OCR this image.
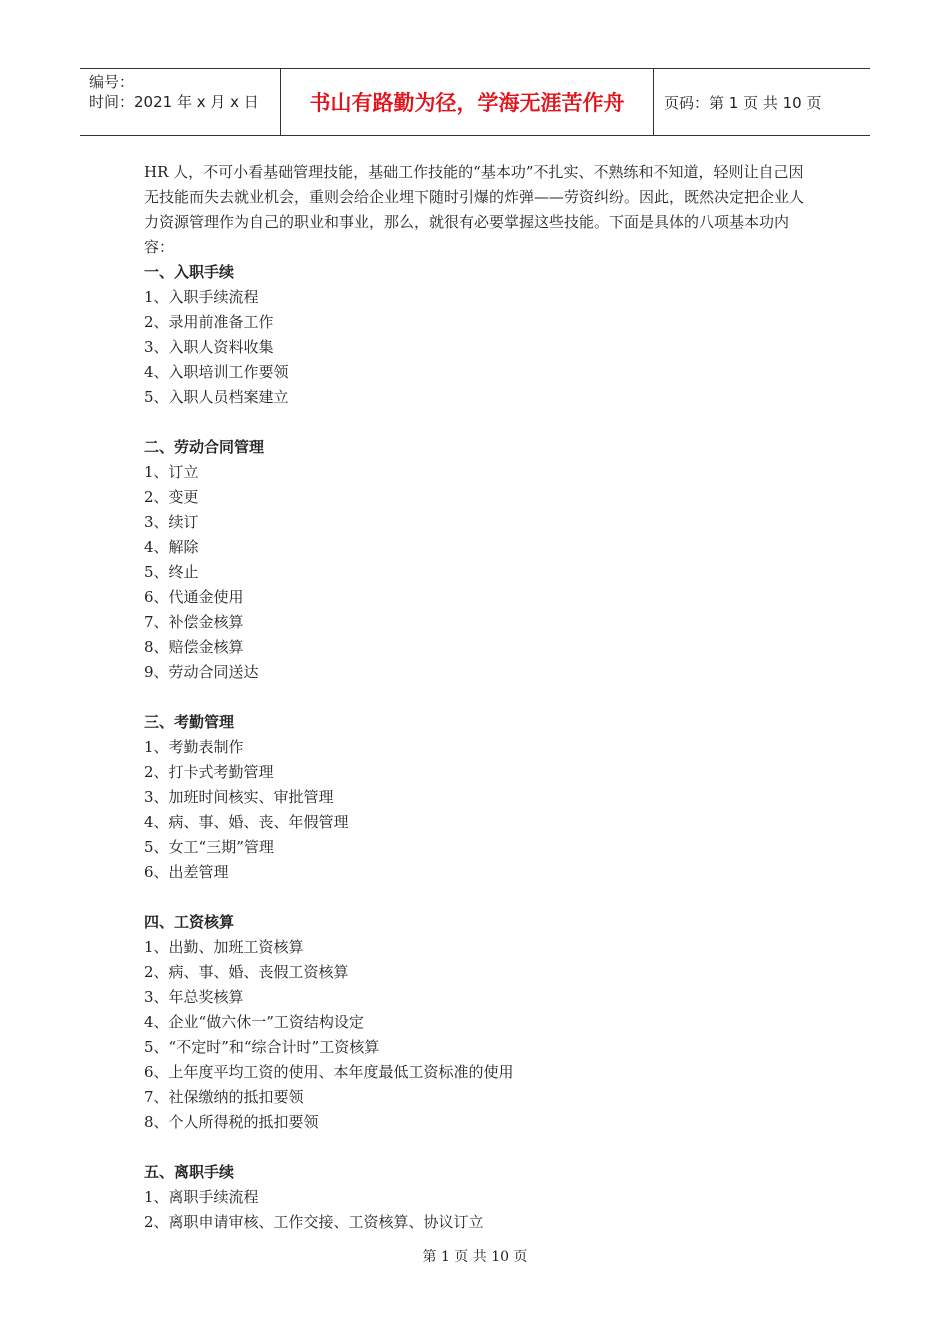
编号：
时间：2021 年 x 月 x 日	书山有路勤为径，学海无涯苦作舟	页码：第 1 页 共 10 页

HR 人，不可小看基础管理技能，基础工作技能的“基本功”不扎实、不熟练和不知道，轻则让自己因无技能而失去就业机会，重则会给企业埋下随时引爆的炸弹——劳资纠纷。因此，既然决定把企业人力资源管理作为自己的职业和事业，那么，就很有必要掌握这些技能。下面是具体的八项基本功内容：

一、入职手续
1、入职手续流程
2、录用前准备工作
3、入职人资料收集
4、入职培训工作要领
5、入职人员档案建立
二、劳动合同管理
1、订立
2、变更
3、续订
4、解除
5、终止
6、代通金使用
7、补偿金核算
8、赔偿金核算
9、劳动合同送达
三、考勤管理
1、考勤表制作
2、打卡式考勤管理
3、加班时间核实、审批管理
4、病、事、婚、丧、年假管理
5、女工“三期”管理
6、出差管理
四、工资核算
1、出勤、加班工资核算
2、病、事、婚、丧假工资核算
3、年总奖核算
4、企业“做六休一”工资结构设定
5、“不定时”和“综合计时”工资核算
6、上年度平均工资的使用、本年度最低工资标准的使用
7、社保缴纳的抵扣要领
8、个人所得税的抵扣要领
五、离职手续
1、离职手续流程
2、离职申请审核、工作交接、工资核算、协议订立
第 1 页 共 10 页
